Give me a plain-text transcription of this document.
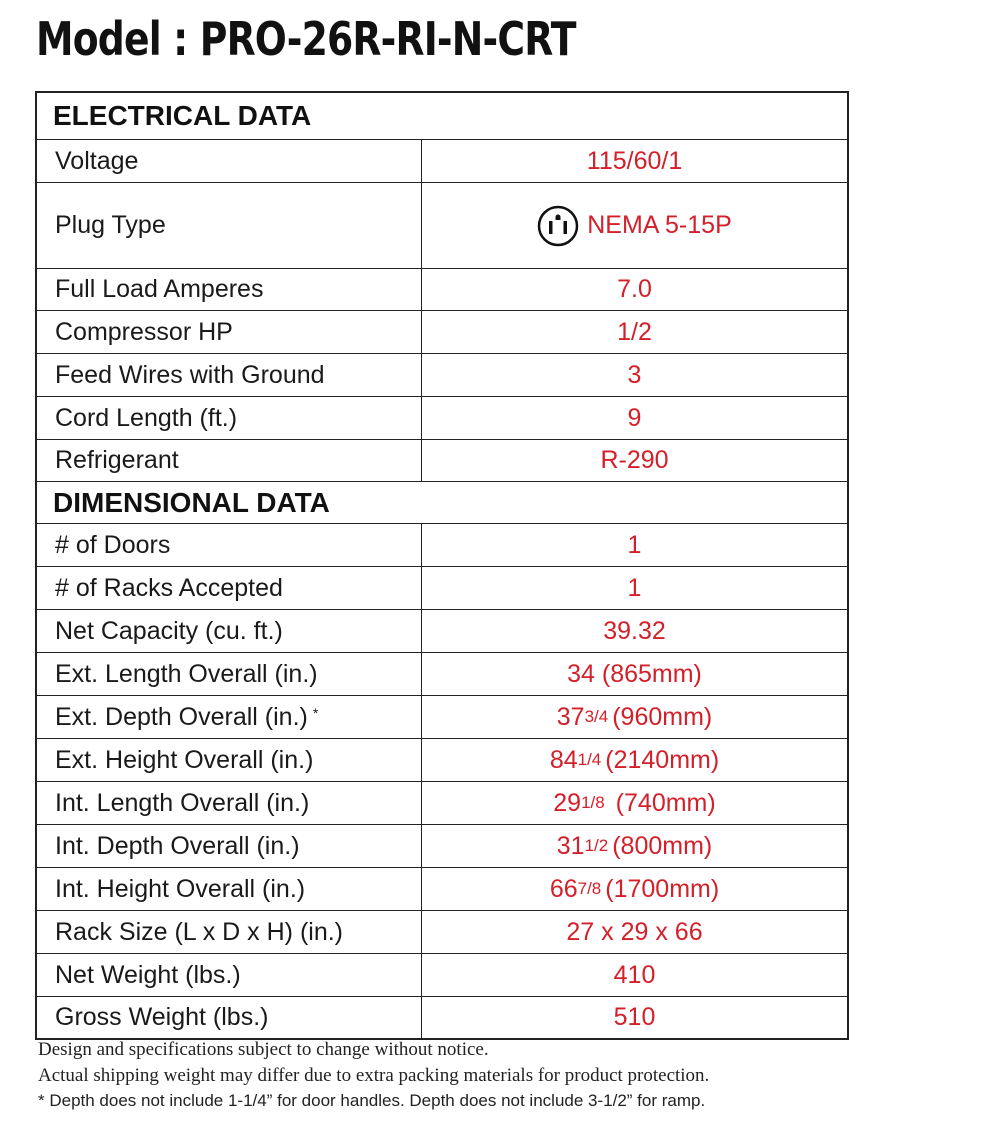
Model : PRO-26R-RI-N-CRT
ELECTRICAL DATA
Voltage	115/60/1
Plug Type	NEMA 5-15P
Full Load Amperes	7.0
Compressor HP	1/2
Feed Wires with Ground	3
Cord Length (ft.)	9
Refrigerant	R-290
DIMENSIONAL DATA
# of Doors	1
# of Racks Accepted	1
Net Capacity (cu. ft.)	39.32
Ext. Length Overall (in.)	34 (865mm)
Ext. Depth Overall (in.) *	37 3/4 (960mm)
Ext. Height Overall (in.)	84 1/4 (2140mm)
Int. Length Overall (in.)	29 1/8 (740mm)
Int. Depth Overall (in.)	31 1/2 (800mm)
Int. Height Overall (in.)	66 7/8 (1700mm)
Rack Size (L x D x H) (in.)	27 x 29 x 66
Net Weight (lbs.)	410
Gross Weight (lbs.)	510
Design and specifications subject to change without notice.
Actual shipping weight may differ due to extra packing materials for product protection.
* Depth does not include 1-1/4” for door handles. Depth does not include 3-1/2” for ramp.
